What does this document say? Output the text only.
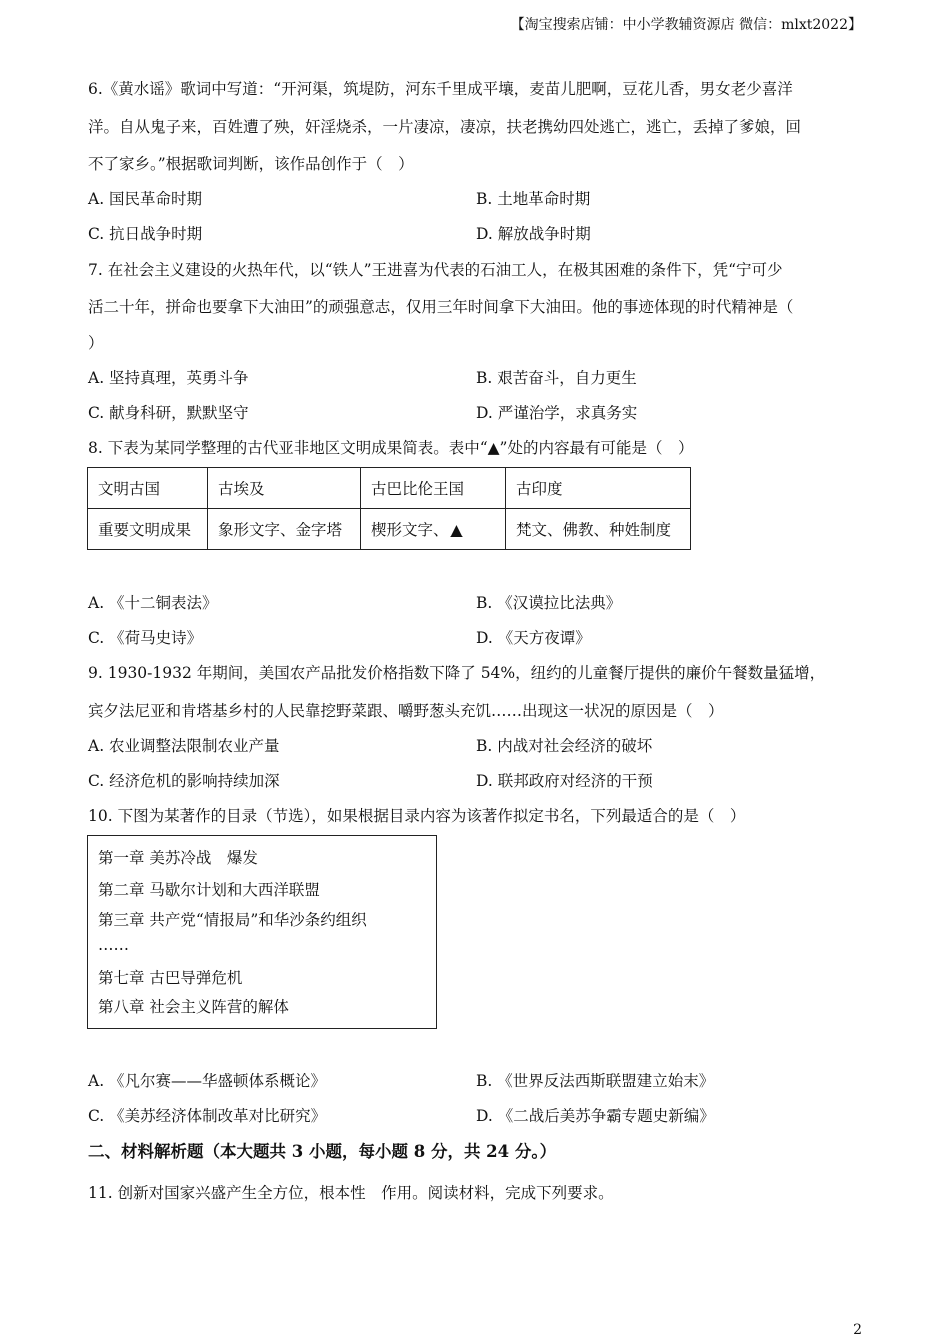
【淘宝搜索店铺：中小学教辅资源店 微信：mlxt2022】
6.《黄水谣》歌词中写道：“开河渠，筑堤防，河东千里成平壤，麦苗儿肥啊，豆花儿香，男女老少喜洋
洋。自从鬼子来，百姓遭了殃，奸淫烧杀，一片凄凉，凄凉，扶老携幼四处逃亡，逃亡，丢掉了爹娘，回
不了家乡。”根据歌词判断，该作品创作于（　）
A. 国民革命时期	B. 土地革命时期
C. 抗日战争时期	D. 解放战争时期
7. 在社会主义建设的火热年代，以“铁人”王进喜为代表的石油工人，在极其困难的条件下，凭“宁可少
活二十年，拼命也要拿下大油田”的顽强意志，仅用三年时间拿下大油田。他的事迹体现的时代精神是（
）
A. 坚持真理，英勇斗争	B. 艰苦奋斗，自力更生
C. 献身科研，默默坚守	D. 严谨治学，求真务实
8. 下表为某同学整理的古代亚非地区文明成果简表。表中“▲”处的内容最有可能是（　）
文明古国	古埃及	古巴比伦王国	古印度
重要文明成果	象形文字、金字塔	楔形文字、 ▲	梵文、佛教、种姓制度
A. 《十二铜表法》	B. 《汉谟拉比法典》
C. 《荷马史诗》	D. 《天方夜谭》
9. 1930-1932 年期间，美国农产品批发价格指数下降了 54%，纽约的儿童餐厅提供的廉价午餐数量猛增，
宾夕法尼亚和肯塔基乡村的人民靠挖野菜跟、嚼野葱头充饥……出现这一状况的原因是（　）
A. 农业调整法限制农业产量	B. 内战对社会经济的破坏
C. 经济危机的影响持续加深	D. 联邦政府对经济的干预
10. 下图为某著作的目录（节选），如果根据目录内容为该著作拟定书名，下列最适合的是（　）
第一章 美苏冷战　爆发
第二章 马歇尔计划和大西洋联盟
第三章 共产党“情报局”和华沙条约组织
……
第七章 古巴导弹危机
第八章 社会主义阵营的解体
A. 《凡尔赛——华盛顿体系概论》	B. 《世界反法西斯联盟建立始末》
C. 《美苏经济体制改革对比研究》	D. 《二战后美苏争霸专题史新编》
二、材料解析题（本大题共 3 小题，每小题 8 分，共 24 分。）
11. 创新对国家兴盛产生全方位，根本性　作用。阅读材料，完成下列要求。
2
